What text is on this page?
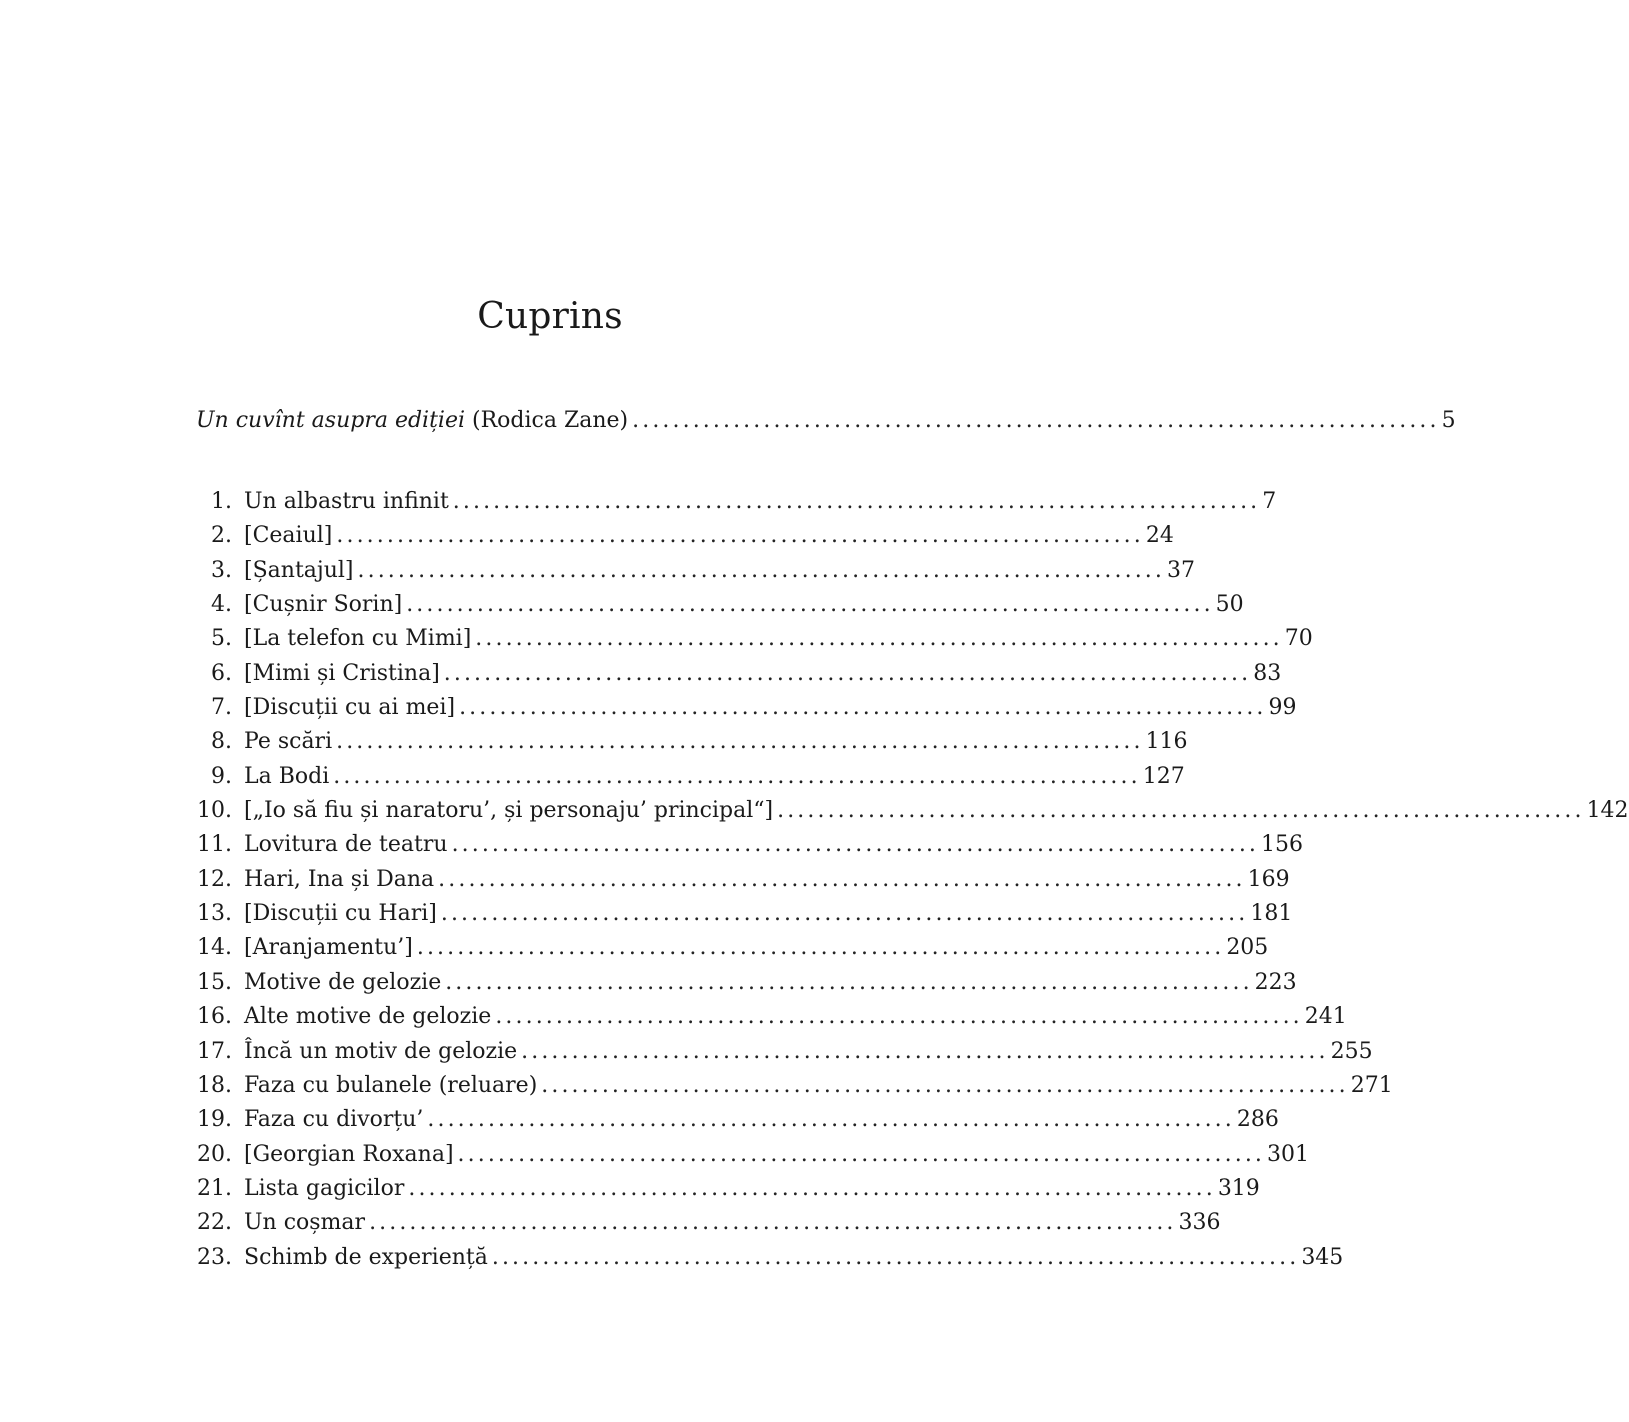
Cuprins
Un cuvînt asupra ediției (Rodica Zane) ................................................................................ 5
1. Un albastru infinit ................................................................................ 7
2. [Ceaiul] ................................................................................ 24
3. [Șantajul] ................................................................................ 37
4. [Cușnir Sorin] ................................................................................ 50
5. [La telefon cu Mimi] ................................................................................ 70
6. [Mimi și Cristina] ................................................................................ 83
7. [Discuții cu ai mei] ................................................................................ 99
8. Pe scări ................................................................................ 116
9. La Bodi ................................................................................ 127
10. [„Io să fiu și naratoru’, și personaju’ principal“] ................................................................................ 142
11. Lovitura de teatru ................................................................................ 156
12. Hari, Ina și Dana ................................................................................ 169
13. [Discuții cu Hari] ................................................................................ 181
14. [Aranjamentu’] ................................................................................ 205
15. Motive de gelozie ................................................................................ 223
16. Alte motive de gelozie ................................................................................ 241
17. Încă un motiv de gelozie ................................................................................ 255
18. Faza cu bulanele (reluare) ................................................................................ 271
19. Faza cu divorțu’ ................................................................................ 286
20. [Georgian Roxana] ................................................................................ 301
21. Lista gagicilor ................................................................................ 319
22. Un coșmar ................................................................................ 336
23. Schimb de experiență ................................................................................ 345
